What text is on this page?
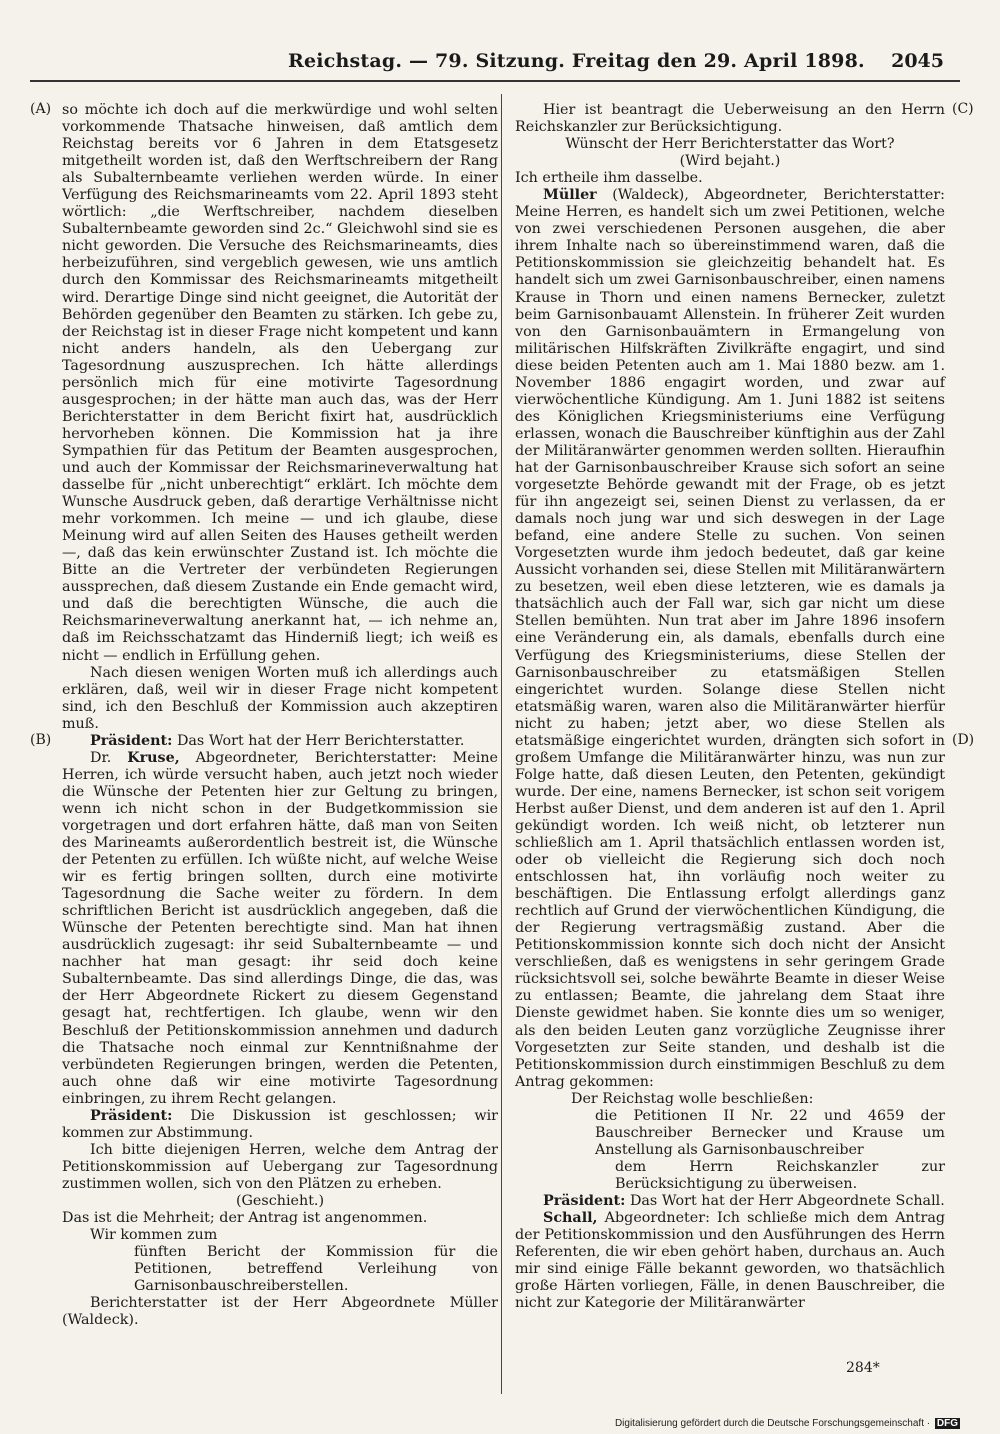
Reichstag. — 79. Sitzung. Freitag den 29. April 1898. 2045
(A)
(B)
(C)
(D)

so möchte ich doch auf die merkwürdige und wohl selten vorkommende Thatsache hinweisen, daß amtlich dem Reichstag bereits vor 6 Jahren in dem Etatsgesetz mitgetheilt worden ist, daß den Werftschreibern der Rang als Subalternbeamte verliehen werden würde. In einer Verfügung des Reichsmarineamts vom 22. April 1893 steht wörtlich: „die Werftschreiber, nachdem dieselben Subalternbeamte geworden sind 2c.“ Gleichwohl sind sie es nicht geworden. Die Versuche des Reichsmarineamts, dies herbeizuführen, sind vergeblich gewesen, wie uns amtlich durch den Kommissar des Reichsmarineamts mitgetheilt wird. Derartige Dinge sind nicht geeignet, die Autorität der Behörden gegenüber den Beamten zu stärken. Ich gebe zu, der Reichstag ist in dieser Frage nicht kompetent und kann nicht anders handeln, als den Uebergang zur Tagesordnung auszusprechen. Ich hätte allerdings persönlich mich für eine motivirte Tagesordnung ausgesprochen; in der hätte man auch das, was der Herr Berichterstatter in dem Bericht fixirt hat, ausdrücklich hervorheben können. Die Kommission hat ja ihre Sympathien für das Petitum der Beamten ausgesprochen, und auch der Kommissar der Reichsmarineverwaltung hat dasselbe für „nicht unberechtigt“ erklärt. Ich möchte dem Wunsche Ausdruck geben, daß derartige Verhältnisse nicht mehr vorkommen. Ich meine — und ich glaube, diese Meinung wird auf allen Seiten des Hauses getheilt werden —, daß das kein erwünschter Zustand ist. Ich möchte die Bitte an die Vertreter der verbündeten Regierungen aussprechen, daß diesem Zustande ein Ende gemacht wird, und daß die berechtigten Wünsche, die auch die Reichsmarineverwaltung anerkannt hat, — ich nehme an, daß im Reichsschatzamt das Hinderniß liegt; ich weiß es nicht — endlich in Erfüllung gehen.

Nach diesen wenigen Worten muß ich allerdings auch erklären, daß, weil wir in dieser Frage nicht kompetent sind, ich den Beschluß der Kommission auch akzeptiren muß.

Präsident: Das Wort hat der Herr Berichterstatter.

Dr. Kruse, Abgeordneter, Berichterstatter: Meine Herren, ich würde versucht haben, auch jetzt noch wieder die Wünsche der Petenten hier zur Geltung zu bringen, wenn ich nicht schon in der Budgetkommission sie vorgetragen und dort erfahren hätte, daß man von Seiten des Marineamts außerordentlich bestreit ist, die Wünsche der Petenten zu erfüllen. Ich wüßte nicht, auf welche Weise wir es fertig bringen sollten, durch eine motivirte Tagesordnung die Sache weiter zu fördern. In dem schriftlichen Bericht ist ausdrücklich angegeben, daß die Wünsche der Petenten berechtigte sind. Man hat ihnen ausdrücklich zugesagt: ihr seid Subalternbeamte — und nachher hat man gesagt: ihr seid doch keine Subalternbeamte. Das sind allerdings Dinge, die das, was der Herr Abgeordnete Rickert zu diesem Gegenstand gesagt hat, rechtfertigen. Ich glaube, wenn wir den Beschluß der Petitionskommission annehmen und dadurch die Thatsache noch einmal zur Kenntnißnahme der verbündeten Regierungen bringen, werden die Petenten, auch ohne daß wir eine motivirte Tagesordnung einbringen, zu ihrem Recht gelangen.

Präsident: Die Diskussion ist geschlossen; wir kommen zur Abstimmung.

Ich bitte diejenigen Herren, welche dem Antrag der Petitionskommission auf Uebergang zur Tagesordnung zustimmen wollen, sich von den Plätzen zu erheben.

(Geschieht.)

Das ist die Mehrheit; der Antrag ist angenommen.

Wir kommen zum

fünften Bericht der Kommission für die Petitionen, betreffend Verleihung von Garnisonbauschreiberstellen.

Berichterstatter ist der Herr Abgeordnete Müller (Waldeck).

Hier ist beantragt die Ueberweisung an den Herrn Reichskanzler zur Berücksichtigung.

Wünscht der Herr Berichterstatter das Wort?

(Wird bejaht.)

Ich ertheile ihm dasselbe.

Müller (Waldeck), Abgeordneter, Berichterstatter: Meine Herren, es handelt sich um zwei Petitionen, welche von zwei verschiedenen Personen ausgehen, die aber ihrem Inhalte nach so übereinstimmend waren, daß die Petitionskommission sie gleichzeitig behandelt hat. Es handelt sich um zwei Garnisonbauschreiber, einen namens Krause in Thorn und einen namens Bernecker, zuletzt beim Garnisonbauamt Allenstein. In früherer Zeit wurden von den Garnisonbauämtern in Ermangelung von militärischen Hilfskräften Zivilkräfte engagirt, und sind diese beiden Petenten auch am 1. Mai 1880 bezw. am 1. November 1886 engagirt worden, und zwar auf vierwöchentliche Kündigung. Am 1. Juni 1882 ist seitens des Königlichen Kriegsministeriums eine Verfügung erlassen, wonach die Bauschreiber künftighin aus der Zahl der Militäranwärter genommen werden sollten. Hieraufhin hat der Garnisonbauschreiber Krause sich sofort an seine vorgesetzte Behörde gewandt mit der Frage, ob es jetzt für ihn angezeigt sei, seinen Dienst zu verlassen, da er damals noch jung war und sich deswegen in der Lage befand, eine andere Stelle zu suchen. Von seinen Vorgesetzten wurde ihm jedoch bedeutet, daß gar keine Aussicht vorhanden sei, diese Stellen mit Militäranwärtern zu besetzen, weil eben diese letzteren, wie es damals ja thatsächlich auch der Fall war, sich gar nicht um diese Stellen bemühten. Nun trat aber im Jahre 1896 insofern eine Veränderung ein, als damals, ebenfalls durch eine Verfügung des Kriegsministeriums, diese Stellen der Garnisonbauschreiber zu etatsmäßigen Stellen eingerichtet wurden. Solange diese Stellen nicht etatsmäßig waren, waren also die Militäranwärter hierfür nicht zu haben; jetzt aber, wo diese Stellen als etatsmäßige eingerichtet wurden, drängten sich sofort in großem Umfange die Militäranwärter hinzu, was nun zur Folge hatte, daß diesen Leuten, den Petenten, gekündigt wurde. Der eine, namens Bernecker, ist schon seit vorigem Herbst außer Dienst, und dem anderen ist auf den 1. April gekündigt worden. Ich weiß nicht, ob letzterer nun schließlich am 1. April thatsächlich entlassen worden ist, oder ob vielleicht die Regierung sich doch noch entschlossen hat, ihn vorläufig noch weiter zu beschäftigen. Die Entlassung erfolgt allerdings ganz rechtlich auf Grund der vierwöchentlichen Kündigung, die der Regierung vertragsmäßig zustand. Aber die Petitionskommission konnte sich doch nicht der Ansicht verschließen, daß es wenigstens in sehr geringem Grade rücksichtsvoll sei, solche bewährte Beamte in dieser Weise zu entlassen; Beamte, die jahrelang dem Staat ihre Dienste gewidmet haben. Sie konnte dies um so weniger, als den beiden Leuten ganz vorzügliche Zeugnisse ihrer Vorgesetzten zur Seite standen, und deshalb ist die Petitionskommission durch einstimmigen Beschluß zu dem Antrag gekommen:

Der Reichstag wolle beschließen:

die Petitionen II Nr. 22 und 4659 der Bauschreiber Bernecker und Krause um Anstellung als Garnisonbauschreiber

dem Herrn Reichskanzler zur Berücksichtigung zu überweisen.

Präsident: Das Wort hat der Herr Abgeordnete Schall.

Schall, Abgeordneter: Ich schließe mich dem Antrag der Petitionskommission und den Ausführungen des Herrn Referenten, die wir eben gehört haben, durchaus an. Auch mir sind einige Fälle bekannt geworden, wo thatsächlich große Härten vorliegen, Fälle, in denen Bauschreiber, die nicht zur Kategorie der Militäranwärter

284*
Digitalisierung gefördert durch die Deutsche Forschungsgemeinschaft · DFG
